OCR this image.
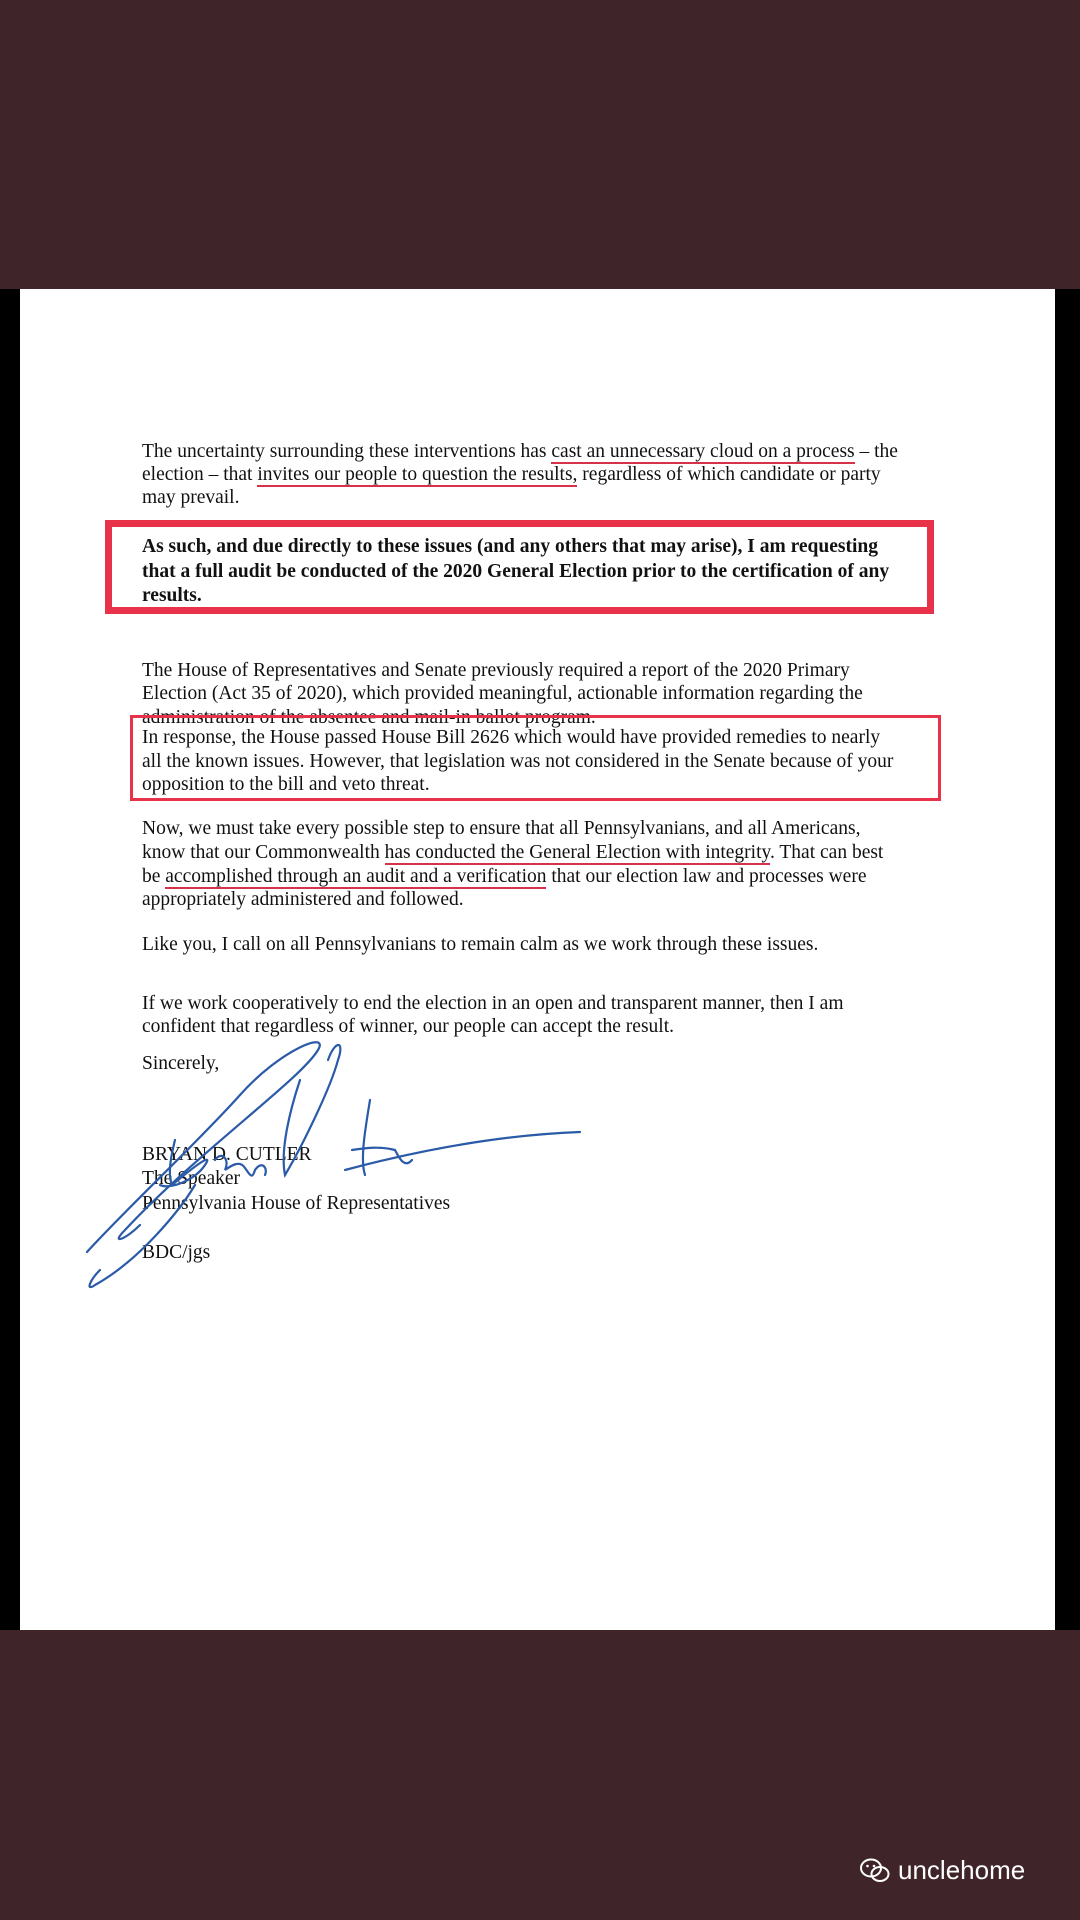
The uncertainty surrounding these interventions has cast an unnecessary cloud on a process – the
election – that invites our people to question the results, regardless of which candidate or party
may prevail.
As such, and due directly to these issues (and any others that may arise), I am requesting
that a full audit be conducted of the 2020 General Election prior to the certification of any
results.
The House of Representatives and Senate previously required a report of the 2020 Primary
Election (Act 35 of 2020), which provided meaningful, actionable information regarding the
administration of the absentee and mail-in ballot program.
In response, the House passed House Bill 2626 which would have provided remedies to nearly
all the known issues. However, that legislation was not considered in the Senate because of your
opposition to the bill and veto threat.
Now, we must take every possible step to ensure that all Pennsylvanians, and all Americans,
know that our Commonwealth has conducted the General Election with integrity. That can best
be accomplished through an audit and a verification that our election law and processes were
appropriately administered and followed.
Like you, I call on all Pennsylvanians to remain calm as we work through these issues.
If we work cooperatively to end the election in an open and transparent manner, then I am
confident that regardless of winner, our people can accept the result.
Sincerely,
BRYAN D. CUTLER
The Speaker
Pennsylvania House of Representatives
BDC/jgs
unclehome
